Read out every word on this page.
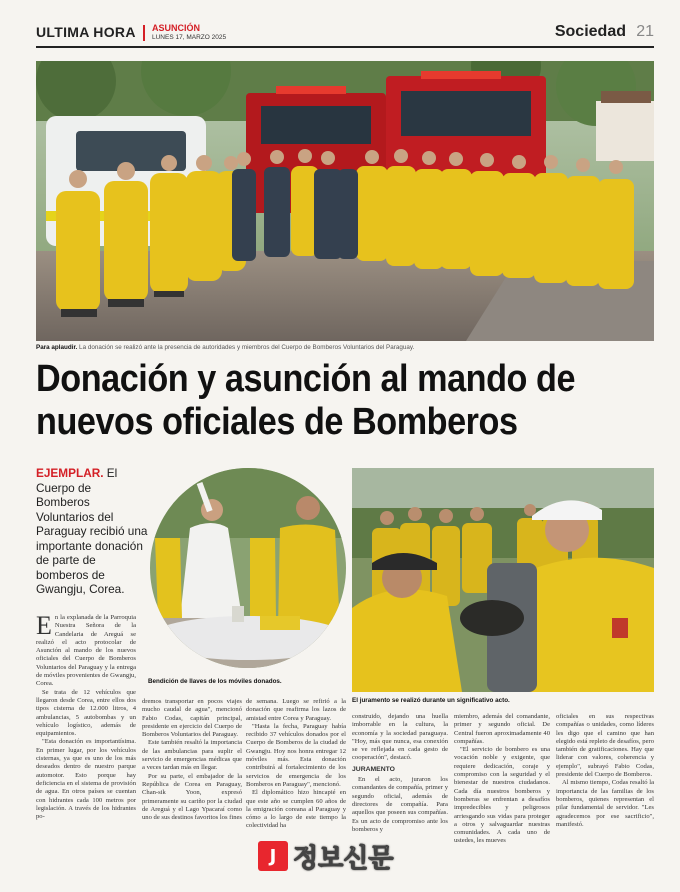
ULTIMA HORA ASUNCIÓN
LUNES 17, MARZO 2025	Sociedad 21
Para aplaudir. La donación se realizó ante la presencia de autoridades y miembros del Cuerpo de Bomberos Voluntarios del Paraguay.
Donación y asunción al mando de nuevos oficiales de Bomberos
EJEMPLAR. El Cuerpo de Bomberos Voluntarios del Paraguay recibió una importante donación de parte de bomberos de Gwangju, Corea.
Bendición de llaves de los móviles donados.
El juramento se realizó durante un significativo acto.
E n la explanada de la Parroquia Nuestra Señora de la Candelaria de Areguá se realizó el acto protocolar de Asunción al mando de los nuevos oficiales del Cuerpo de Bomberos Voluntarios del Paraguay y la entrega de móviles provenientes de Gwangju, Corea.

Se trata de 12 vehículos que llegaron desde Corea, entre ellos dos tipos cisterna de 12.000 litros, 4 ambulancias, 5 autobombas y un vehículo logístico, además de equipamientos.

"Esta donación es importantísima. En primer lugar, por los vehículos cisternas, ya que es uno de los más deseados dentro de nuestro parque automotor. Esto porque hay deficiencia en el sistema de provisión de agua. En otros países se cuentan con hidrantes cada 100 metros por legislación. A través de los hidrantes po-

dremos transportar en pocos viajes mucho caudal de agua", mencionó Fabio Codas, capitán principal, presidente en ejercicio del Cuerpo de Bomberos Voluntarios del Paraguay.

Este también resaltó la importancia de las ambulancias para suplir el servicio de emergencias médicas que a veces tardan más en llegar.

Por su parte, el embajador de la República de Corea en Paraguay, Chan-sik Yoon, expresó primeramente su cariño por la ciudad de Areguá y el Lago Ypacaraí como uno de sus destinos favoritos los fines

de semana. Luego se refirió a la donación que reafirma los lazos de amistad entre Corea y Paraguay.

"Hasta la fecha, Paraguay había recibido 37 vehículos donados por el Cuerpo de Bomberos de la ciudad de Gwangju. Hoy nos honra entregar 12 móviles más. Esta donación contribuirá al fortalecimiento de los servicios de emergencia de los Bomberos en Paraguay", mencionó.

El diplomático hizo hincapié en que este año se cumplen 60 años de la emigración coreana al Paraguay y cómo a lo largo de este tiempo la colectividad ha

construido, dejando una huella imborrable en la cultura, la economía y la sociedad paraguaya. "Hoy, más que nunca, esa conexión se ve reflejada en cada gesto de cooperación", destacó.

JURAMENTO

En el acto, juraron los comandantes de compañía, primer y segundo oficial, además de directores de compañía. Para aquellos que poseen sus compañías. Es un acto de compromiso ante los bomberos y

miembro, además del comandante, primer y segundo oficial. De Central fueron aproximadamente 40 compañías.

"El servicio de bombero es una vocación noble y exigente, que requiere dedicación, coraje y compromiso con la seguridad y el bienestar de nuestros ciudadanos. Cada día nuestros bomberos y bomberas se enfrentan a desafíos impredecibles y peligrosos arriesgando sus vidas para proteger a otros y salvaguardar nuestras comunidades. A cada uno de ustedes, les mueves

oficiales en sus respectivas compañías o unidades, como líderes les digo que el camino que han elegido está repleto de desafíos, pero también de gratificaciones. Hay que liderar con valores, coherencia y ejemplo", subrayó Fabio Codas, presidente del Cuerpo de Bomberos.

Al mismo tiempo, Codas resaltó la importancia de las familias de los bomberos, quienes representan el pilar fundamental de servidor. "Les agradecemos por ese sacrificio", manifestó.

J 정보신문
